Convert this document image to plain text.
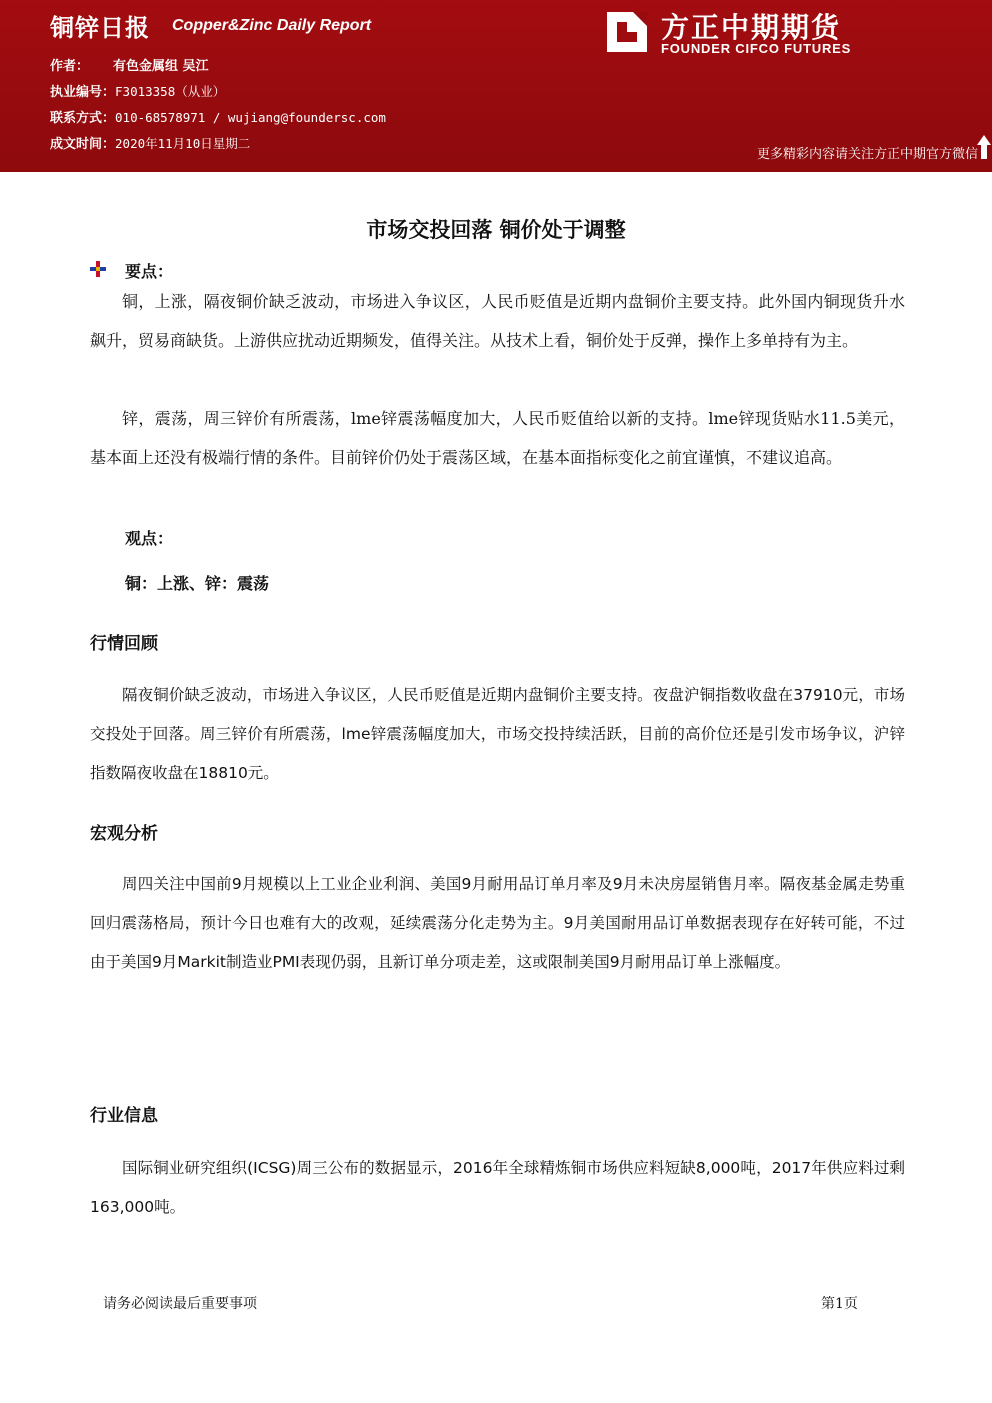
铜锌日报 Copper&Zinc Daily Report
作者： 有色金属组 吴江
执业编号：F3013358（从业）
联系方式：010-68578971 / wujiang@foundersc.com
成文时间：2020年11月10日星期二
方正中期期货
FOUNDER CIFCO FUTURES
更多精彩内容请关注方正中期官方微信
市场交投回落 铜价处于调整
要点：
铜，上涨，隔夜铜价缺乏波动，市场进入争议区，人民币贬值是近期内盘铜价主要支持。此外国内铜现货升水飙升，贸易商缺货。上游供应扰动近期频发，值得关注。从技术上看，铜价处于反弹，操作上多单持有为主。
锌，震荡，周三锌价有所震荡，lme锌震荡幅度加大，人民币贬值给以新的支持。lme锌现货贴水11.5美元，基本面上还没有极端行情的条件。目前锌价仍处于震荡区域，在基本面指标变化之前宜谨慎，不建议追高。
观点：
铜：上涨、锌：震荡
行情回顾
隔夜铜价缺乏波动，市场进入争议区，人民币贬值是近期内盘铜价主要支持。夜盘沪铜指数收盘在37910元，市场交投处于回落。周三锌价有所震荡，lme锌震荡幅度加大，市场交投持续活跃，目前的高价位还是引发市场争议，沪锌指数隔夜收盘在18810元。
宏观分析
周四关注中国前9月规模以上工业企业利润、美国9月耐用品订单月率及9月未决房屋销售月率。隔夜基金属走势重回归震荡格局，预计今日也难有大的改观，延续震荡分化走势为主。9月美国耐用品订单数据表现存在好转可能，不过由于美国9月Markit制造业PMI表现仍弱，且新订单分项走差，这或限制美国9月耐用品订单上涨幅度。
行业信息
国际铜业研究组织(ICSG)周三公布的数据显示，2016年全球精炼铜市场供应料短缺8,000吨，2017年供应料过剩163,000吨。
请务必阅读最后重要事项	第1页
